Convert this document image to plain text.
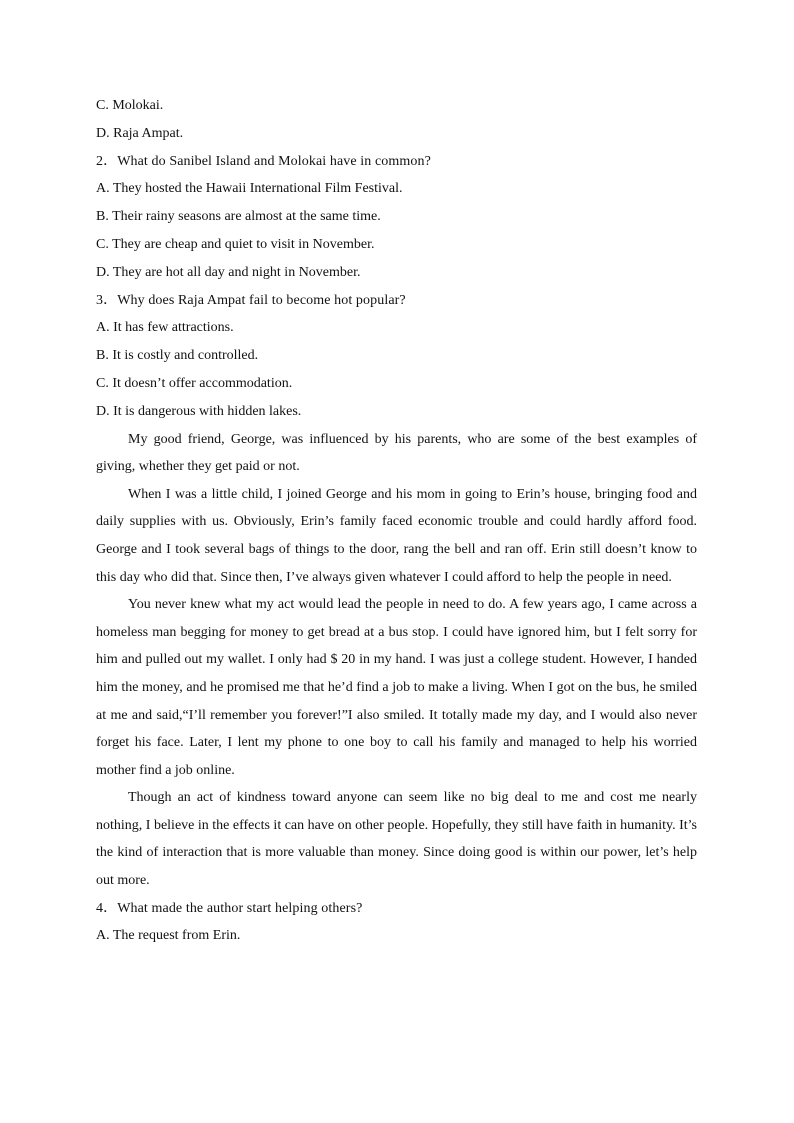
C. Molokai.

D. Raja Ampat.

2．What do Sanibel Island and Molokai have in common?

A. They hosted the Hawaii International Film Festival.

B. Their rainy seasons are almost at the same time.

C. They are cheap and quiet to visit in November.

D. They are hot all day and night in November.

3．Why does Raja Ampat fail to become hot popular?

A. It has few attractions.

B. It is costly and controlled.

C. It doesn’t offer accommodation.

D. It is dangerous with hidden lakes.

My good friend, George, was influenced by his parents, who are some of the best examples of giving, whether they get paid or not.

When I was a little child, I joined George and his mom in going to Erin’s house, bringing food and daily supplies with us. Obviously, Erin’s family faced economic trouble and could hardly afford food. George and I took several bags of things to the door, rang the bell and ran off. Erin still doesn’t know to this day who did that. Since then, I’ve always given whatever I could afford to help the people in need.

You never knew what my act would lead the people in need to do. A few years ago, I came across a homeless man begging for money to get bread at a bus stop. I could have ignored him, but I felt sorry for him and pulled out my wallet. I only had $ 20 in my hand. I was just a college student. However, I handed him the money, and he promised me that he’d find a job to make a living. When I got on the bus, he smiled at me and said,“I’ll remember you forever!”I also smiled. It totally made my day, and I would also never forget his face. Later, I lent my phone to one boy to call his family and managed to help his worried mother find a job online.

Though an act of kindness toward anyone can seem like no big deal to me and cost me nearly nothing, I believe in the effects it can have on other people. Hopefully, they still have faith in humanity. It’s the kind of interaction that is more valuable than money. Since doing good is within our power, let’s help out more.

4．What made the author start helping others?

A. The request from Erin.
